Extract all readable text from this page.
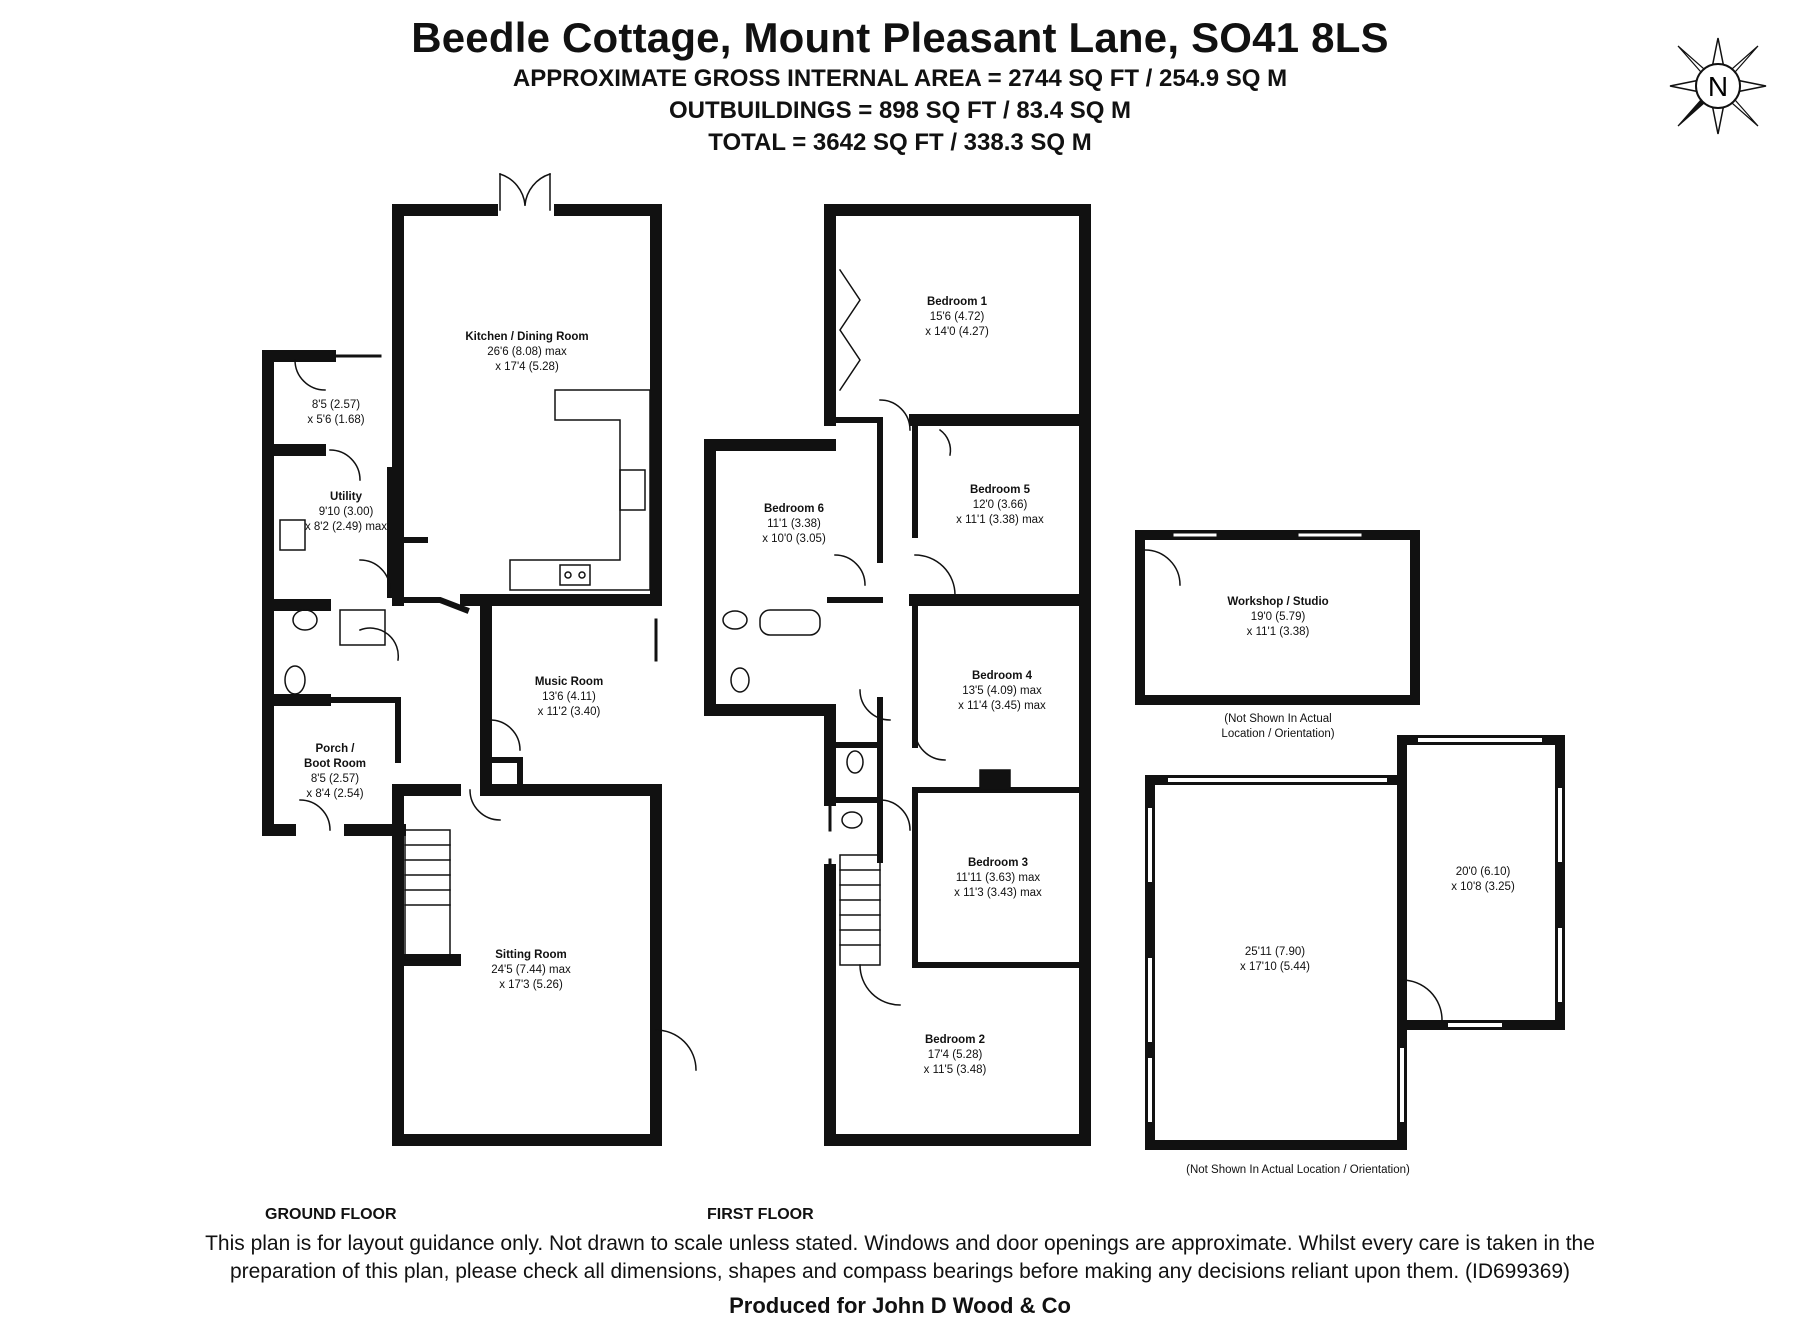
Beedle Cottage, Mount Pleasant Lane, SO41 8LS

APPROXIMATE GROSS INTERNAL AREA = 2744 SQ FT / 254.9 SQ M

OUTBUILDINGS = 898 SQ FT / 83.4 SQ M

TOTAL = 3642 SQ FT / 338.3 SQ M

N
Kitchen / Dining Room
26'6 (8.08) max
x 17'4 (5.28)
8'5 (2.57)
x 5'6 (1.68)
Utility
9'10 (3.00)
x 8'2 (2.49) max
Music Room
13'6 (4.11)
x 11'2 (3.40)
Porch /
Boot Room
8'5 (2.57)
x 8'4 (2.54)
Sitting Room
24'5 (7.44) max
x 17'3 (5.26)
Bedroom 1
15'6 (4.72)
x 14'0 (4.27)
Bedroom 6
11'1 (3.38)
x 10'0 (3.05)
Bedroom 5
12'0 (3.66)
x 11'1 (3.38) max
Bedroom 4
13'5 (4.09) max
x 11'4 (3.45) max
Bedroom 3
11'11 (3.63) max
x 11'3 (3.43) max
Bedroom 2
17'4 (5.28)
x 11'5 (3.48)
Workshop / Studio
19'0 (5.79)
x 11'1 (3.38)
(Not Shown In Actual
Location / Orientation)
25'11 (7.90)
x 17'10 (5.44)
20'0 (6.10)
x 10'8 (3.25)
(Not Shown In Actual Location / Orientation)
GROUND FLOOR	FIRST FLOOR
This plan is for layout guidance only. Not drawn to scale unless stated. Windows and door openings are approximate. Whilst every care is taken in the
preparation of this plan, please check all dimensions, shapes and compass bearings before making any decisions reliant upon them. (ID699369)
Produced for John D Wood & Co
